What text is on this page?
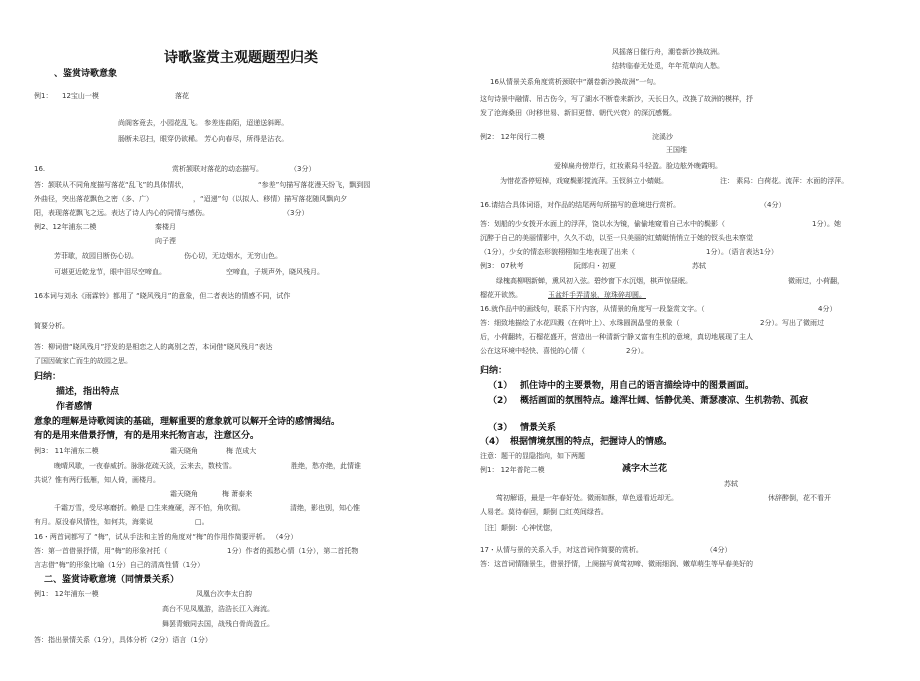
诗歌鉴赏主观题题型归类
、鉴赏诗歌意象
例1： 12宝山一模	落花
尚阁客竟去，小园花乱飞。 参差连曲陌，迢递送斜晖。
肠断未忍扫，眼穿仍欲稀。 芳心向春尽，所得是沾衣。
16.	赏析颔联对落花的动态描写。	（3分）
答：颔联从不同角度描写落花“乱飞”的具体情状，	“参差”句描写落花漫天纷飞，飘到园
外曲径，突出落花飘色之密（多、广）	，“迢递”句（以拟人、移情）描写落花随风飘向夕
阳，表现落花飘飞之远。表达了诗人内心的同情与感伤。	（3分）
例2、12年浦东二模	秦楼月
向子湮
芳菲歇，故园目断伤心切。	伤心切，无边烟水，无穷山色。
可堪更近乾龙节，眼中泪尽空啼血。	空啼血，子规声外，晓风残月。
16本词与刘永《雨霖铃》都用了 “晓风残月”的意象，但二者表达的情感不同，试作
简要分析。
答：柳词借“晓风残月”抒发的是相恋之人的离别之苦，本词借“晓风残月”表达
了国因破家亡而生的故园之思。
归纳：
描述，指出特点
作者感情
意象的理解是诗歌阅读的基础，理解重要的意象就可以解开全诗的感情揭结。
有的是用来借景抒情，有的是用来托物言志，注意区分。
例3： 11年浦东二模	霜天晓角	梅 范成大
晚晴风歇，一夜春威折。脉脉花疏天淡，云来去，数枝雪。	胜绝，愁亦绝，此情谁
共说？惟有两行低雁，知人倚，画楼月。
霜天晓角	梅 萧泰来
千霜万雪，受尽寒磨折。赖是 □生来瘦硬，浑不怕，角吹彻。	清绝，影也别，知心惟
有月。原没春风情性，如何共，海棠说	□。
16・两首词都写了 “梅”，试从手法和主旨的角度对“梅”的作用作简要评析。 （4分）
答：第一首借景抒情，用“梅”的形象衬托（	1分）作者的孤愁心情（1分），第二首托物
言志借“梅”的形象比喻（1分）自己的清高性情（1分）
二、鉴赏诗歌意境（同情景关系）
例1： 12年浦东一模	凤凰台次李太白韵
高台不见凤凰游，浩浩长江入海流。
舞罢青蛾同去国，战残白骨尚盈丘。
答：指出景情关系（1分），具体分析（2分）语言（1分）
风摇落日催行舟，潮卷新沙换故洲。
结转临春无处觅，年年荒草向人愁。
16从情景关系角度赏析颈联中“潮卷新沙换故洲”一句。
这句诗景中融情、吊古伤今，写了湖水不断卷来新沙，天长日久，改换了故洲的模样，抒
发了沧海桑田（时移世易、新旧更替、朝代兴衰）的深沉感慨。
例2： 12年闵行二模	浣溪沙
王国维
爱棹扁舟傍岸行，红妆素舄斗轻盈。脸边舷外晚霞明。
为惜花香停短棹，戏窥鬓影搅流萍。玉钗斜立小蜻蜓。	注： 素舄：白荷花。流萍：水面的浮萍。
16.请结合具体词语，对作品的结尾两句所描写的意境进行赏析。	（4分）
答：划船的少女拨开水面上的浮萍，饶以水为镜，偷偷地窥看自己水中的鬓影（	1分）。她
沉醉于自己的美丽情影中，久久不动，以至一只美丽的红蜻蜓悄悄立于她的钗头也未察觉
（1分），少女的情态形貌栩栩如生地表现了出来（	1分）。（语言表达1分）
例3： 07秋考	阮郎归・初夏	苏轼
绿槐高柳咽新蝉，熏风初入弦。碧纱窗下水沉烟，棋声惊昼眠。	微雨过，小荷翻，
榴花开欲然。	玉盆纤手弄清泉，琼珠碎却圆。
16.就作品中的画线句，联系下片内容，从情景的角度写一段鉴赏文字。（	4分）
答：细致地描绘了水花四溅（在荷叶上）、水珠圆润晶莹的景象（	2分）。写出了微雨过
后，小荷翻转，石榴花盛开，营造出一种清新宁静又富有生机的意境，真切地展现了主人
公在这环境中轻快、喜悦的心情（	2分）。
归纳：
（1） 抓住诗中的主要景物，用自己的语言描绘诗中的图景画面。
（2） 概括画面的氛围特点。雄浑壮阔、恬静优美、萧瑟凄凉、生机勃勃、孤寂
（3） 情景关系
（4） 根据情境氛围的特点，把握诗人的情感。
注意：题干的显隐指向，如下两题
例1： 12年普陀二模	减字木兰花
苏轼
莺初解语，最是一年春好处。微雨如酥，草色遥看近却无。	休辞醉倒，花不看开
人易老。莫待春回，颠倒 □红英间绿苔。
［注］颠倒：心神忧惚，
17・从情与景的关系入手，对这首词作简要的赏析。	（4分）
答：这首词情随景生，借景抒情，上阕描写黄莺初啼、微雨细润、嫩草萌生等早春美好的
